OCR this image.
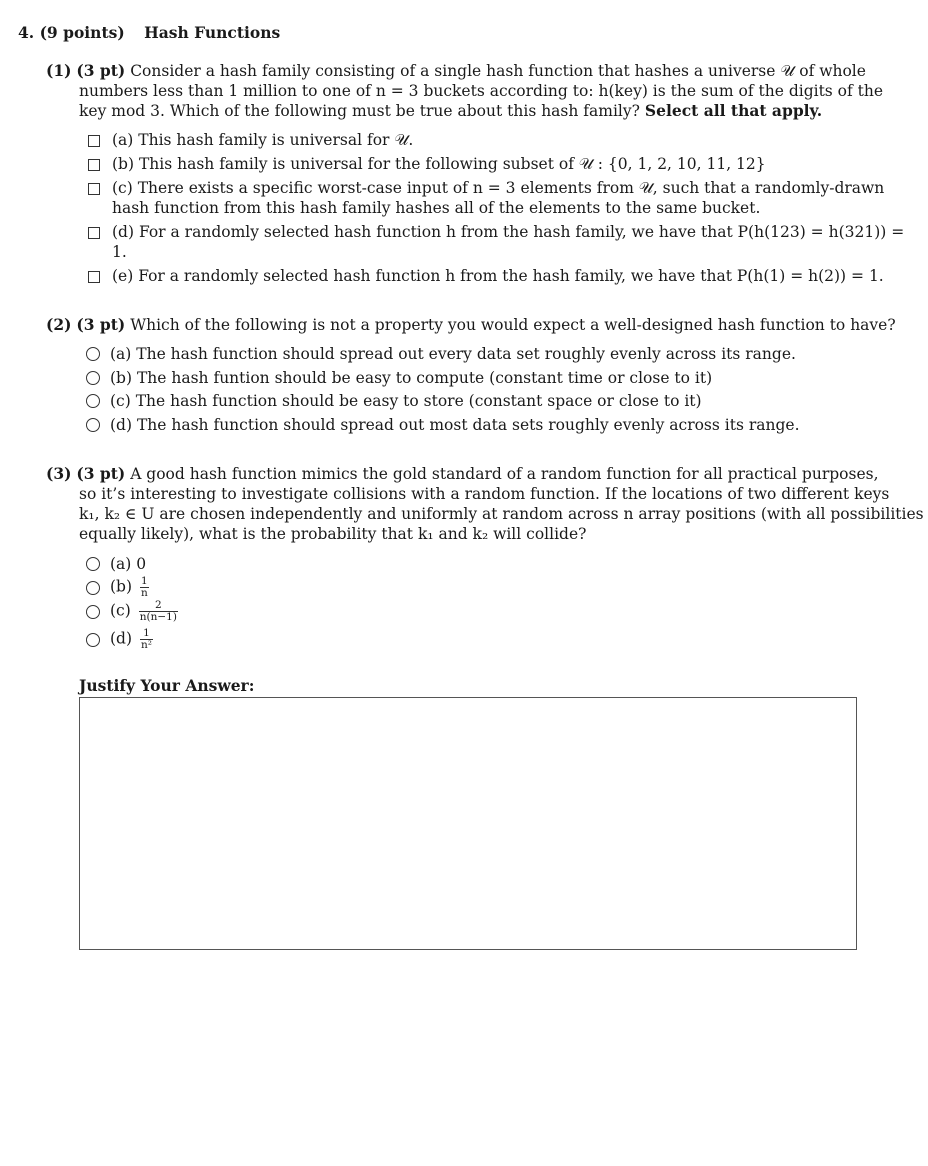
4. (9 points) Hash Functions
(1) (3 pt) Consider a hash family consisting of a single hash function that hashes a universe 𝒰 of whole
numbers less than 1 million to one of n = 3 buckets according to: h(key) is the sum of the digits of the
key mod 3. Which of the following must be true about this hash family? Select all that apply.
(a) This hash family is universal for 𝒰.
(b) This hash family is universal for the following subset of 𝒰 : {0, 1, 2, 10, 11, 12}
(c) There exists a specific worst-case input of n = 3 elements from 𝒰, such that a randomly-drawn
hash function from this hash family hashes all of the elements to the same bucket.
(d) For a randomly selected hash function h from the hash family, we have that P(h(123) = h(321)) =
1.
(e) For a randomly selected hash function h from the hash family, we have that P(h(1) = h(2)) = 1.
(2) (3 pt) Which of the following is not a property you would expect a well-designed hash function to have?
(a) The hash function should spread out every data set roughly evenly across its range.
(b) The hash funtion should be easy to compute (constant time or close to it)
(c) The hash function should be easy to store (constant space or close to it)
(d) The hash function should spread out most data sets roughly evenly across its range.
(3) (3 pt) A good hash function mimics the gold standard of a random function for all practical purposes,
so it’s interesting to investigate collisions with a random function. If the locations of two different keys
k₁, k₂ ∈ U are chosen independently and uniformly at random across n array positions (with all possibilities
equally likely), what is the probability that k₁ and k₂ will collide?
(a) 0
$(b) \frac{1}{n}$
$(c) \frac{2}{n(n-1)}$
$(d) \frac{1}{\text{n²}}$
Justify Your Answer:
